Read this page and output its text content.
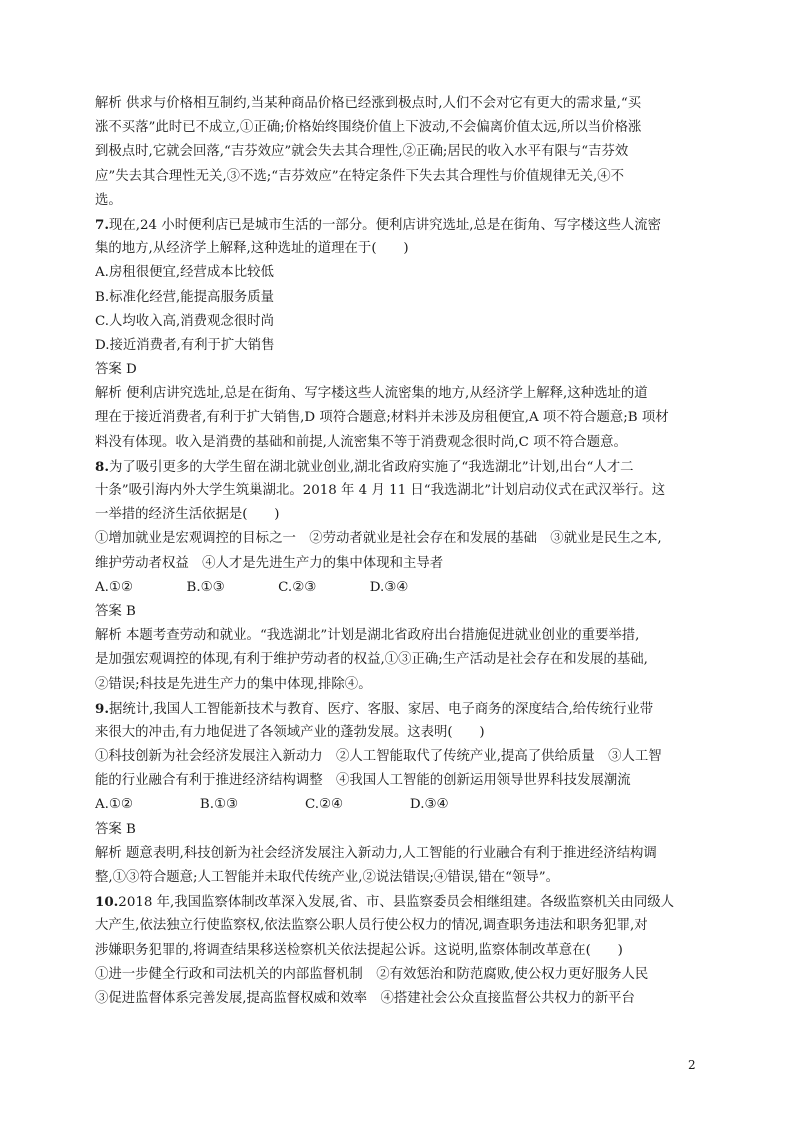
解析 供求与价格相互制约,当某种商品价格已经涨到极点时,人们不会对它有更大的需求量,“买
涨不买落”此时已不成立,①正确;价格始终围绕价值上下波动,不会偏离价值太远,所以当价格涨
到极点时,它就会回落,“吉芬效应”就会失去其合理性,②正确;居民的收入水平有限与“吉芬效
应”失去其合理性无关,③不选;“吉芬效应”在特定条件下失去其合理性与价值规律无关,④不
选。
7.现在,24 小时便利店已是城市生活的一部分。便利店讲究选址,总是在街角、写字楼这些人流密
集的地方,从经济学上解释,这种选址的道理在于(　　)
A.房租很便宜,经营成本比较低
B.标准化经营,能提高服务质量
C.人均收入高,消费观念很时尚
D.接近消费者,有利于扩大销售
答案 D
解析 便利店讲究选址,总是在街角、写字楼这些人流密集的地方,从经济学上解释,这种选址的道
理在于接近消费者,有利于扩大销售,D 项符合题意;材料并未涉及房租便宜,A 项不符合题意;B 项材
料没有体现。收入是消费的基础和前提,人流密集不等于消费观念很时尚,C 项不符合题意。
8.为了吸引更多的大学生留在湖北就业创业,湖北省政府实施了“我选湖北”计划,出台“人才二
十条”吸引海内外大学生筑巢湖北。2018 年 4 月 11 日“我选湖北”计划启动仪式在武汉举行。这
一举措的经济生活依据是(　　)
①增加就业是宏观调控的目标之一　②劳动者就业是社会存在和发展的基础　③就业是民生之本,
维护劳动者权益　④人才是先进生产力的集中体现和主导者
A.①②　　　　B.①③　　　　C.②③　　　　D.③④
答案 B
解析 本题考查劳动和就业。“我选湖北”计划是湖北省政府出台措施促进就业创业的重要举措,
是加强宏观调控的体现,有利于维护劳动者的权益,①③正确;生产活动是社会存在和发展的基础,
②错误;科技是先进生产力的集中体现,排除④。
9.据统计,我国人工智能新技术与教育、医疗、客服、家居、电子商务的深度结合,给传统行业带
来很大的冲击,有力地促进了各领域产业的蓬勃发展。这表明(　　)
①科技创新为社会经济发展注入新动力　②人工智能取代了传统产业,提高了供给质量　③人工智
能的行业融合有利于推进经济结构调整　④我国人工智能的创新运用领导世界科技发展潮流
A.①②　　　　　B.①③　　　　　C.②④　　　　　D.③④
答案 B
解析 题意表明,科技创新为社会经济发展注入新动力,人工智能的行业融合有利于推进经济结构调
整,①③符合题意;人工智能并未取代传统产业,②说法错误;④错误,错在“领导”。
10.2018 年,我国监察体制改革深入发展,省、市、县监察委员会相继组建。各级监察机关由同级人
大产生,依法独立行使监察权,依法监察公职人员行使公权力的情况,调查职务违法和职务犯罪,对
涉嫌职务犯罪的,将调查结果移送检察机关依法提起公诉。这说明,监察体制改革意在(　　)
①进一步健全行政和司法机关的内部监督机制　②有效惩治和防范腐败,使公权力更好服务人民
③促进监督体系完善发展,提高监督权威和效率　④搭建社会公众直接监督公共权力的新平台
2
